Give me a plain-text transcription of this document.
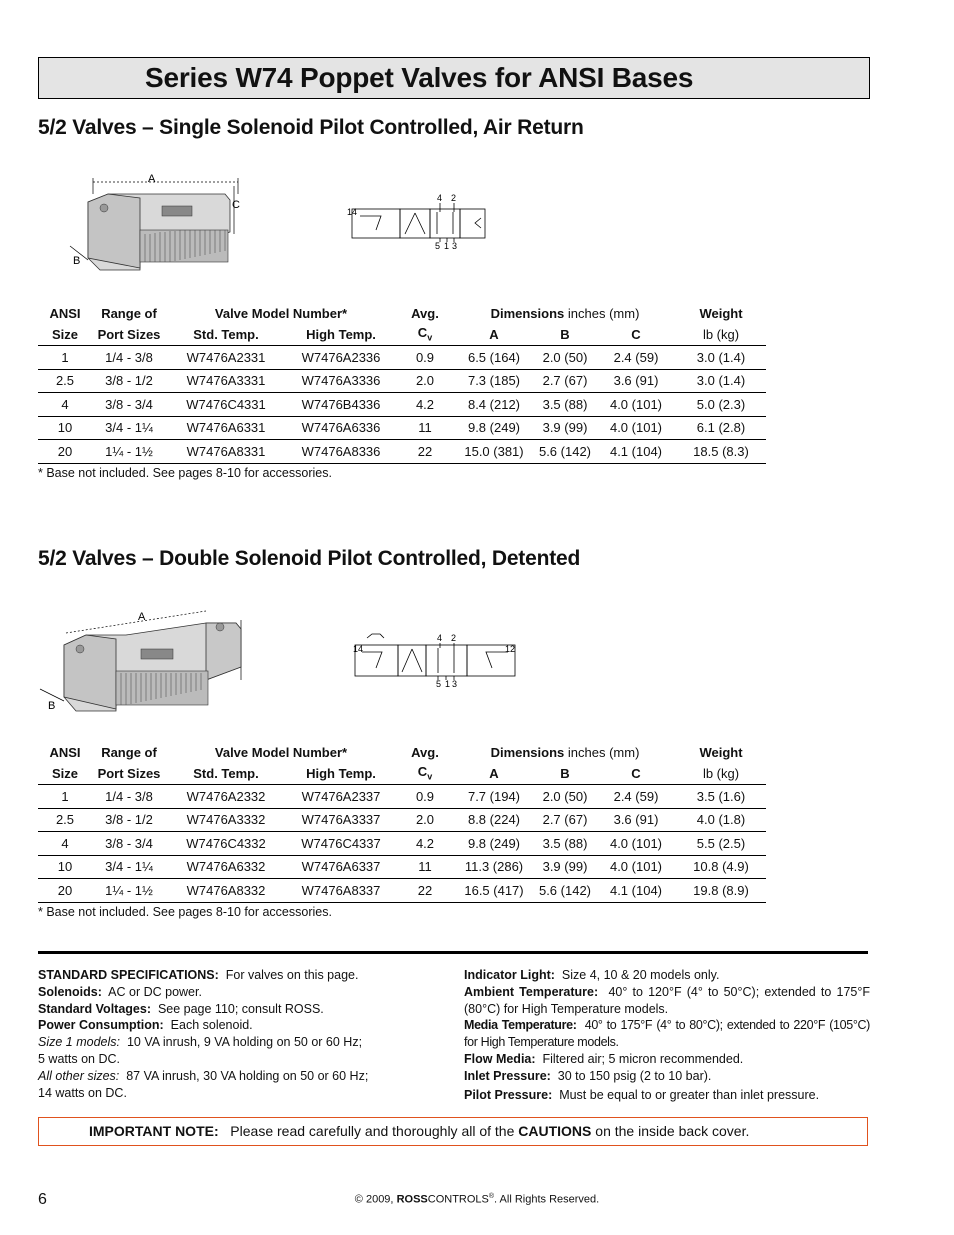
Series W74 Poppet Valves for ANSI Bases
5/2 Valves – Single Solenoid Pilot Controlled, Air Return
A
C
B
4 2
14
5 1 3
ANSI	Range of	Valve Model Number*		Avg.	Dimensions inches (mm)			Weight
Size	Port Sizes	Std. Temp.	High Temp.	$C_v$	A	B	C	lb (kg)
1	1/4 - 3/8	W7476A2331	W7476A2336	0.9	6.5 (164)	2.0 (50)	2.4 (59)	3.0 (1.4)
2.5	3/8 - 1/2	W7476A3331	W7476A3336	2.0	7.3 (185)	2.7 (67)	3.6 (91)	3.0 (1.4)
4	3/8 - 3/4	W7476C4331	W7476B4336	4.2	8.4 (212)	3.5 (88)	4.0 (101)	5.0 (2.3)
10	3/4 - 1¼	W7476A6331	W7476A6336	11	9.8 (249)	3.9 (99)	4.0 (101)	6.1 (2.8)
20	1¼ - 1½	W7476A8331	W7476A8336	22	15.0 (381)	5.6 (142)	4.1 (104)	18.5 (8.3)
* Base not included. See pages 8-10 for accessories.
5/2 Valves – Double Solenoid Pilot Controlled, Detented
A
B
4 2
14	12
5 1 3
ANSI	Range of	Valve Model Number*		Avg.	Dimensions inches (mm)			Weight
Size	Port Sizes	Std. Temp.	High Temp.	$C_v$	A	B	C	lb (kg)
1	1/4 - 3/8	W7476A2332	W7476A2337	0.9	7.7 (194)	2.0 (50)	2.4 (59)	3.5 (1.6)
2.5	3/8 - 1/2	W7476A3332	W7476A3337	2.0	8.8 (224)	2.7 (67)	3.6 (91)	4.0 (1.8)
4	3/8 - 3/4	W7476C4332	W7476C4337	4.2	9.8 (249)	3.5 (88)	4.0 (101)	5.5 (2.5)
10	3/4 - 1¼	W7476A6332	W7476A6337	11	11.3 (286)	3.9 (99)	4.0 (101)	10.8 (4.9)
20	1¼ - 1½	W7476A8332	W7476A8337	22	16.5 (417)	5.6 (142)	4.1 (104)	19.8 (8.9)
* Base not included. See pages 8-10 for accessories.

STANDARD SPECIFICATIONS: For valves on this page.

Solenoids: AC or DC power.

Standard Voltages: See page 110; consult ROSS.

Power Consumption: Each solenoid.

Size 1 models: 10 VA inrush, 9 VA holding on 50 or 60 Hz;

5 watts on DC.

All other sizes: 87 VA inrush, 30 VA holding on 50 or 60 Hz;

14 watts on DC.

Indicator Light: Size 4, 10 & 20 models only.

Ambient Temperature: 40° to 120°F (4° to 50°C); extended to 175°F (80°C) for High Temperature models.

Media Temperature: 40° to 175°F (4° to 80°C); extended to 220°F (105°C) for High Temperature models.

Flow Media: Filtered air; 5 micron recommended.

Inlet Pressure: 30 to 150 psig (2 to 10 bar).

Pilot Pressure: Must be equal to or greater than inlet pressure.

IMPORTANT NOTE: Please read carefully and thoroughly all of the CAUTIONS on the inside back cover.
6	© 2009, ROSSCONTROLS®. All Rights Reserved.
